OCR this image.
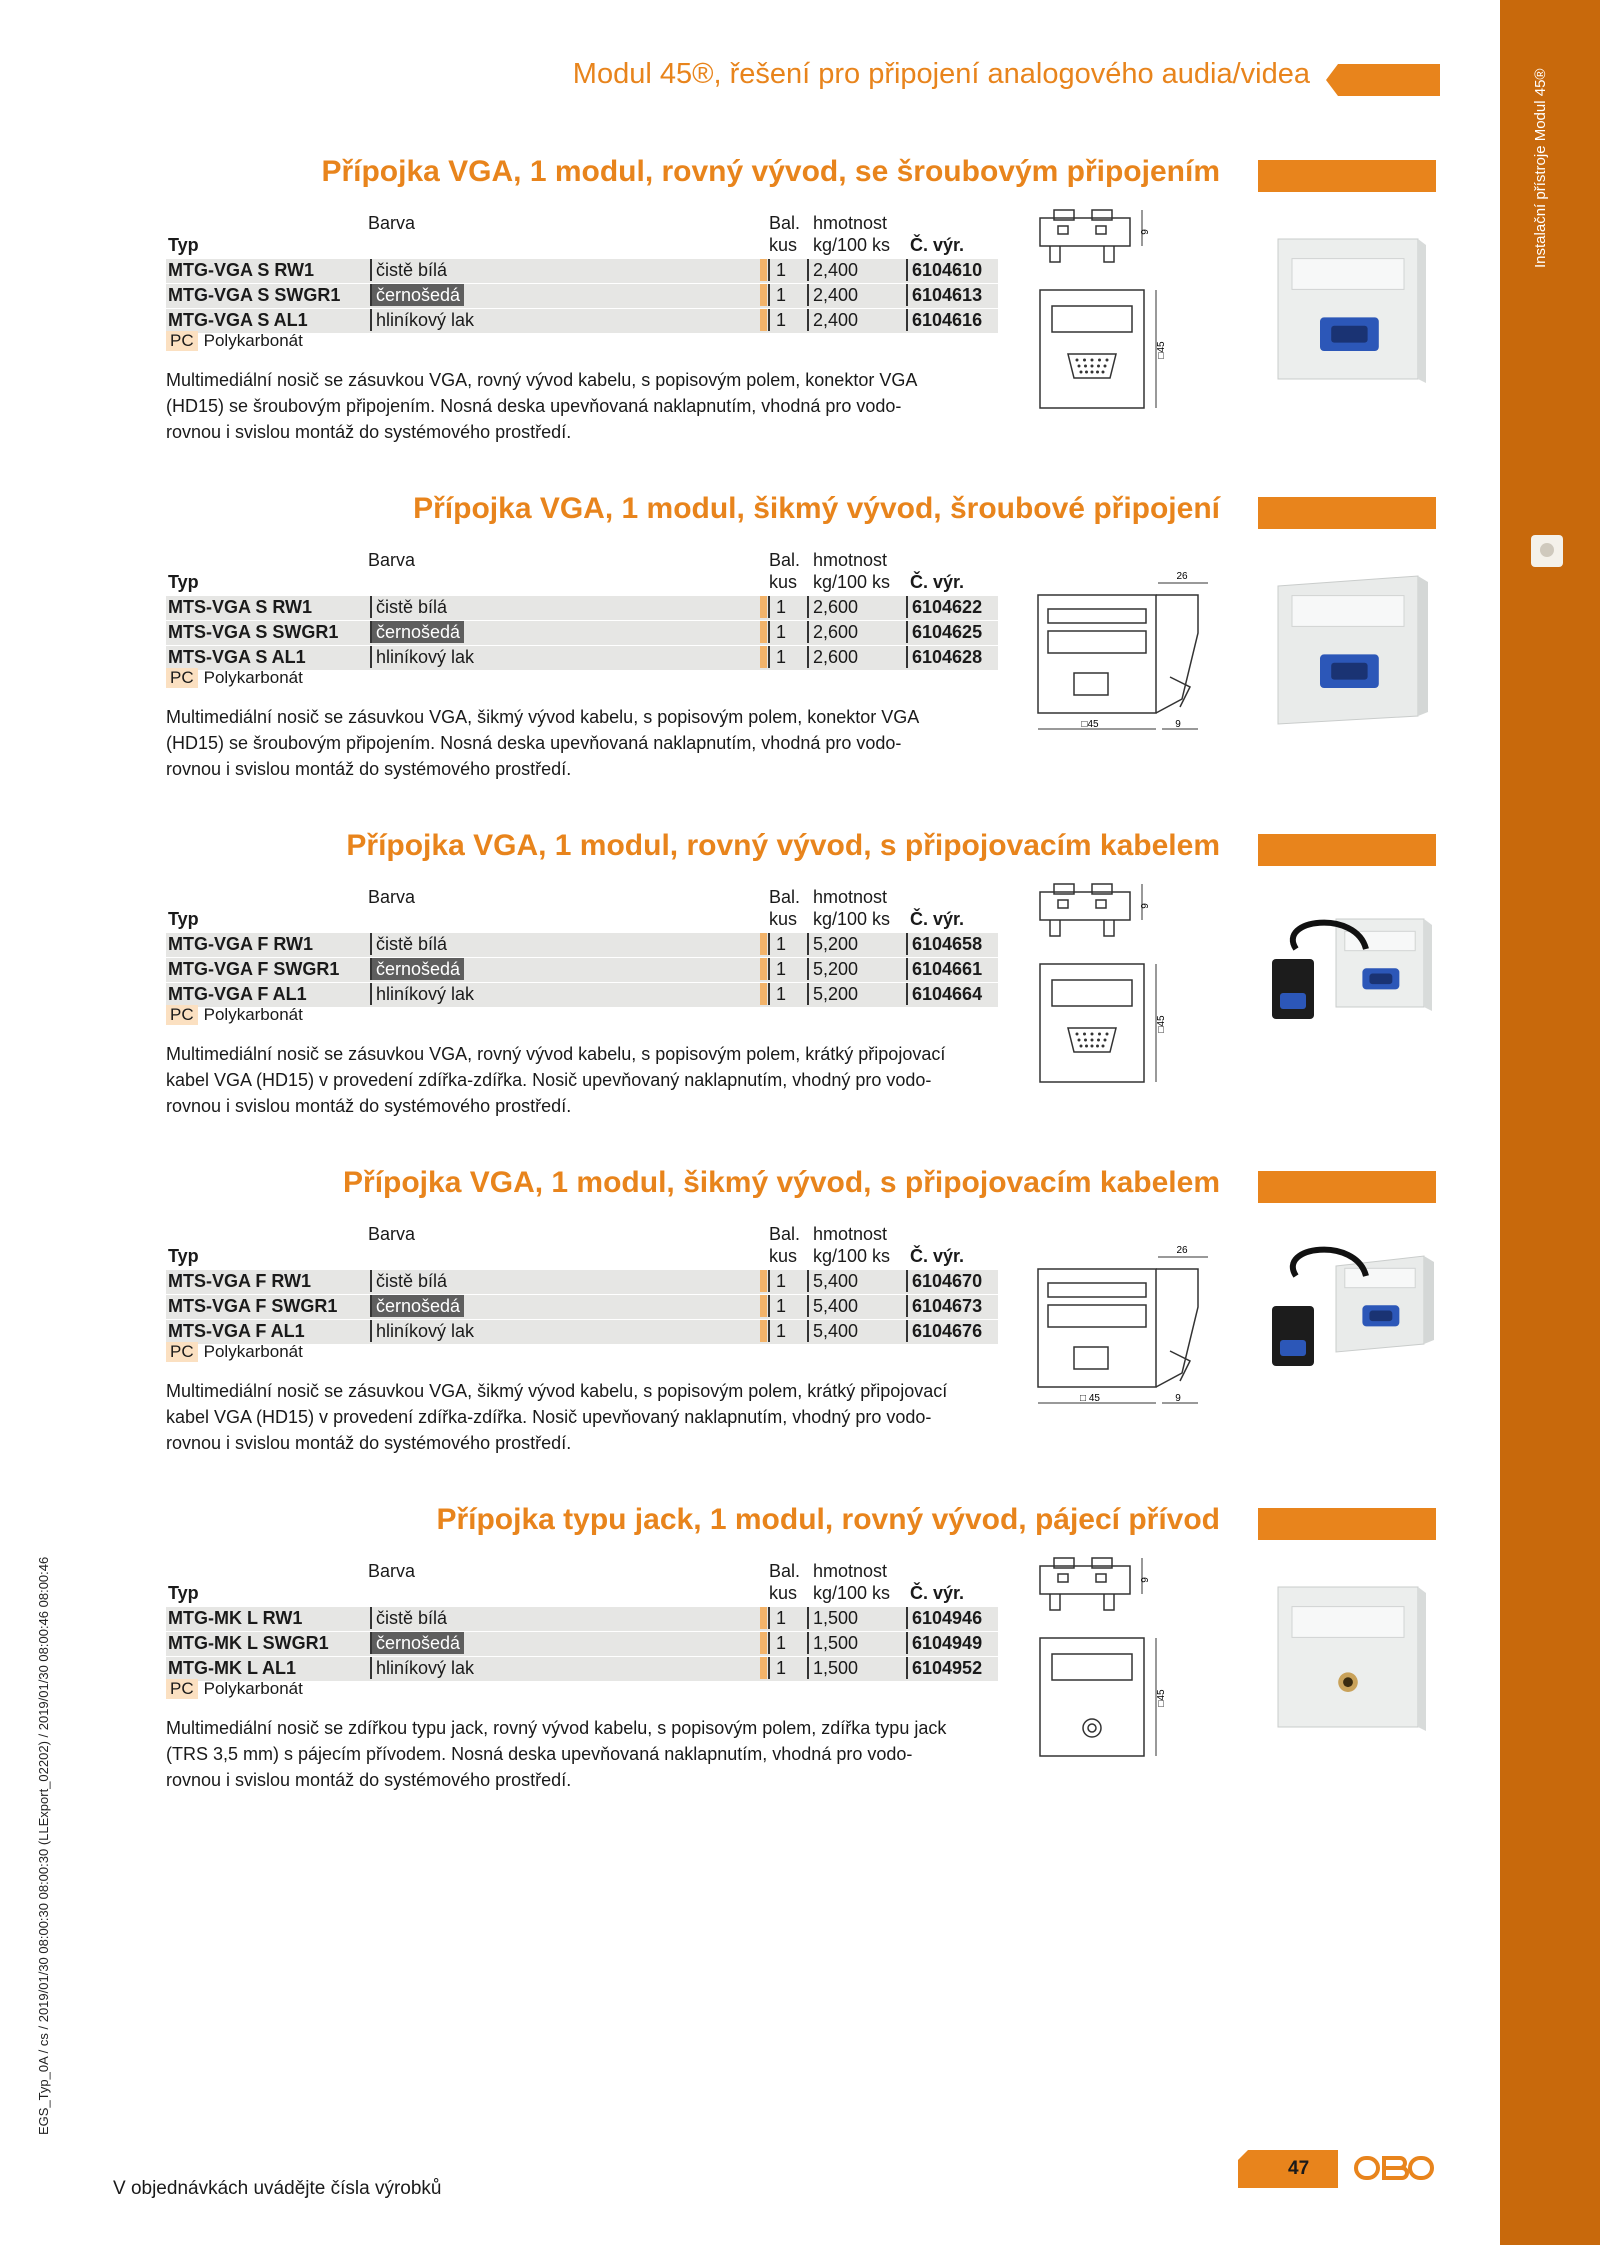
Instalační přístroje Modul 45®
Modul 45®, řešení pro připojení analogového audia/videa
EGS_Typ_0A / cs / 2019/01/30 08:00:30 08:00:30 (LLExport_02202) / 2019/01/30 08:00:46 08:00:46
Přípojka VGA, 1 modul, rovný vývod, se šroubovým připojením
Barva	Bal. hmotnost
Typ	kus kg/100 ks Č. výr.
MTG-VGA S RW1	čistě bílá	1	2,400	6104610
MTG-VGA S SWGR1	černošedá	1	2,400	6104613
MTG-VGA S AL1	hliníkový lak	1	2,400	6104616
PC Polykarbonát
Multimediální nosič se zásuvkou VGA, rovný vývod kabelu, s popisovým polem, konektor VGA
(HD15) se šroubovým připojením. Nosná deska upevňovaná naklapnutím, vhodná pro vodo-
rovnou i svislou montáž do systémového prostředí.
9
□45
Přípojka VGA, 1 modul, šikmý vývod, šroubové připojení
Barva	Bal. hmotnost
Typ	kus kg/100 ks Č. výr.
MTS-VGA S RW1	čistě bílá	1	2,600	6104622
MTS-VGA S SWGR1	černošedá	1	2,600	6104625
MTS-VGA S AL1	hliníkový lak	1	2,600	6104628
PC Polykarbonát
Multimediální nosič se zásuvkou VGA, šikmý vývod kabelu, s popisovým polem, konektor VGA
(HD15) se šroubovým připojením. Nosná deska upevňovaná naklapnutím, vhodná pro vodo-
rovnou i svislou montáž do systémového prostředí.
26
□45	9
Přípojka VGA, 1 modul, rovný vývod, s připojovacím kabelem
Barva	Bal. hmotnost
Typ	kus kg/100 ks Č. výr.
MTG-VGA F RW1	čistě bílá	1	5,200	6104658
MTG-VGA F SWGR1	černošedá	1	5,200	6104661
MTG-VGA F AL1	hliníkový lak	1	5,200	6104664
PC Polykarbonát
Multimediální nosič se zásuvkou VGA, rovný vývod kabelu, s popisovým polem, krátký připojovací
kabel VGA (HD15) v provedení zdířka-zdířka. Nosič upevňovaný naklapnutím, vhodný pro vodo-
rovnou i svislou montáž do systémového prostředí.
9
□45
Přípojka VGA, 1 modul, šikmý vývod, s připojovacím kabelem
Barva	Bal. hmotnost
Typ	kus kg/100 ks Č. výr.
MTS-VGA F RW1	čistě bílá	1	5,400	6104670
MTS-VGA F SWGR1	černošedá	1	5,400	6104673
MTS-VGA F AL1	hliníkový lak	1	5,400	6104676
PC Polykarbonát
Multimediální nosič se zásuvkou VGA, šikmý vývod kabelu, s popisovým polem, krátký připojovací
kabel VGA (HD15) v provedení zdířka-zdířka. Nosič upevňovaný naklapnutím, vhodný pro vodo-
rovnou i svislou montáž do systémového prostředí.
26
□ 45	9
Přípojka typu jack, 1 modul, rovný vývod, pájecí přívod
Barva	Bal. hmotnost
Typ	kus kg/100 ks Č. výr.
MTG-MK L RW1	čistě bílá	1	1,500	6104946
MTG-MK L SWGR1	černošedá	1	1,500	6104949
MTG-MK L AL1	hliníkový lak	1	1,500	6104952
PC Polykarbonát
Multimediální nosič se zdířkou typu jack, rovný vývod kabelu, s popisovým polem, zdířka typu jack
(TRS 3,5 mm) s pájecím přívodem. Nosná deska upevňovaná naklapnutím, vhodná pro vodo-
rovnou i svislou montáž do systémového prostředí.
9
□45
V objednávkách uvádějte čísla výrobků
47
